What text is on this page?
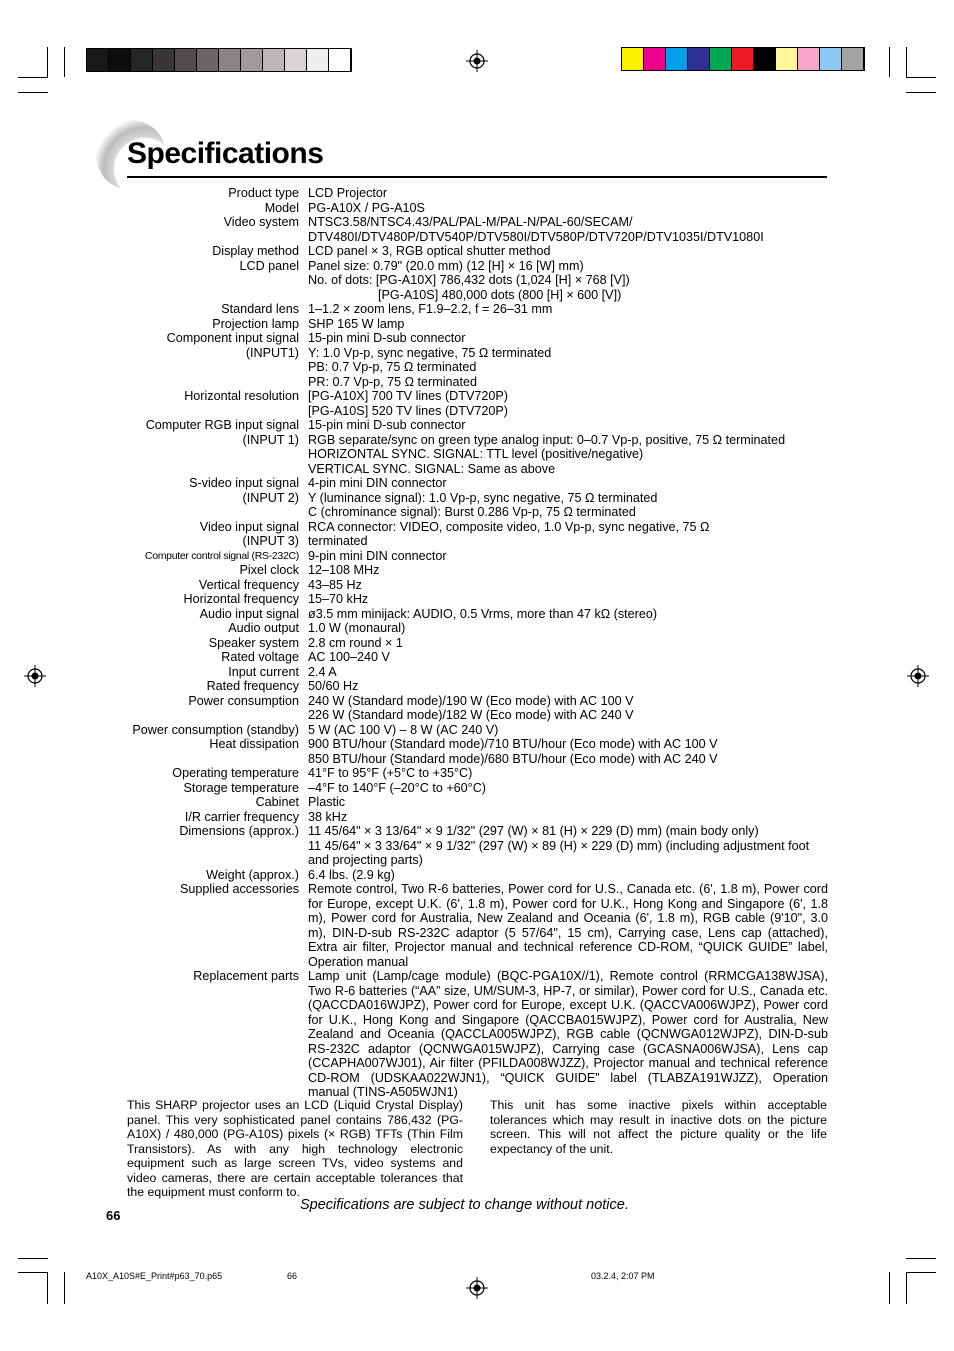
Specifications
Product type LCD Projector
Model PG-A10X / PG-A10S
Video system NTSC3.58/NTSC4.43/PAL/PAL-M/PAL-N/PAL-60/SECAM/
DTV480I/DTV480P/DTV540P/DTV580I/DTV580P/DTV720P/DTV1035I/DTV1080I
Display method LCD panel × 3, RGB optical shutter method
LCD panel Panel size: 0.79" (20.0 mm) (12 [H] × 16 [W] mm)
No. of dots: [PG-A10X] 786,432 dots (1,024 [H] × 768 [V])
[PG-A10S] 480,000 dots (800 [H] × 600 [V])
Standard lens 1–1.2 × zoom lens, F1.9–2.2, f = 26–31 mm
Projection lamp SHP 165 W lamp
Component input signal 15-pin mini D-sub connector
(INPUT1) Y: 1.0 Vp-p, sync negative, 75 Ω terminated
PB: 0.7 Vp-p, 75 Ω terminated
PR: 0.7 Vp-p, 75 Ω terminated
Horizontal resolution [PG-A10X] 700 TV lines (DTV720P)
[PG-A10S] 520 TV lines (DTV720P)
Computer RGB input signal 15-pin mini D-sub connector
(INPUT 1) RGB separate/sync on green type analog input: 0–0.7 Vp-p, positive, 75 Ω terminated
HORIZONTAL SYNC. SIGNAL: TTL level (positive/negative)
VERTICAL SYNC. SIGNAL: Same as above
S-video input signal 4-pin mini DIN connector
(INPUT 2) Y (luminance signal): 1.0 Vp-p, sync negative, 75 Ω terminated
C (chrominance signal): Burst 0.286 Vp-p, 75 Ω terminated
Video input signal RCA connector: VIDEO, composite video, 1.0 Vp-p, sync negative, 75 Ω
(INPUT 3) terminated
Computer control signal (RS-232C) 9-pin mini DIN connector
Pixel clock 12–108 MHz
Vertical frequency 43–85 Hz
Horizontal frequency 15–70 kHz
Audio input signal ø3.5 mm minijack: AUDIO, 0.5 Vrms, more than 47 kΩ (stereo)
Audio output 1.0 W (monaural)
Speaker system 2.8 cm round × 1
Rated voltage AC 100–240 V
Input current 2.4 A
Rated frequency 50/60 Hz
Power consumption 240 W (Standard mode)/190 W (Eco mode) with AC 100 V
226 W (Standard mode)/182 W (Eco mode) with AC 240 V
Power consumption (standby) 5 W (AC 100 V) – 8 W (AC 240 V)
Heat dissipation 900 BTU/hour (Standard mode)/710 BTU/hour (Eco mode) with AC 100 V
850 BTU/hour (Standard mode)/680 BTU/hour (Eco mode) with AC 240 V
Operating temperature 41°F to 95°F (+5°C to +35°C)
Storage temperature –4°F to 140°F (–20°C to +60°C)
Cabinet Plastic
I/R carrier frequency 38 kHz
Dimensions (approx.) 11 45/64" × 3 13/64" × 9 1/32" (297 (W) × 81 (H) × 229 (D) mm) (main body only)
11 45/64" × 3 33/64" × 9 1/32" (297 (W) × 89 (H) × 229 (D) mm) (including adjustment foot
and projecting parts)
Weight (approx.) 6.4 lbs. (2.9 kg)
Supplied accessories Remote control, Two R-6 batteries, Power cord for U.S., Canada etc. (6', 1.8 m), Power cord for Europe, except U.K. (6', 1.8 m), Power cord for U.K., Hong Kong and Singapore (6', 1.8 m), Power cord for Australia, New Zealand and Oceania (6', 1.8 m), RGB cable (9'10", 3.0 m), DIN-D-sub RS-232C adaptor (5 57/64", 15 cm), Carrying case, Lens cap (attached), Extra air filter, Projector manual and technical reference CD-ROM, “QUICK GUIDE” label, Operation manual
Replacement parts Lamp unit (Lamp/cage module) (BQC-PGA10X//1), Remote control (RRMCGA138WJSA), Two R-6 batteries (“AA” size, UM/SUM-3, HP-7, or similar), Power cord for U.S., Canada etc. (QACCDA016WJPZ), Power cord for Europe, except U.K. (QACCVA006WJPZ), Power cord for U.K., Hong Kong and Singapore (QACCBA015WJPZ), Power cord for Australia, New Zealand and Oceania (QACCLA005WJPZ), RGB cable (QCNWGA012WJPZ), DIN-D-sub RS-232C adaptor (QCNWGA015WJPZ), Carrying case (GCASNA006WJSA), Lens cap (CCAPHA007WJ01), Air filter (PFILDA008WJZZ), Projector manual and technical reference CD-ROM (UDSKAA022WJN1), “QUICK GUIDE” label (TLABZA191WJZZ), Operation manual (TINS-A505WJN1)
This SHARP projector uses an LCD (Liquid Crystal Display) panel. This very sophisticated panel contains 786,432 (PG-A10X) / 480,000 (PG-A10S) pixels (× RGB) TFTs (Thin Film Transistors). As with any high technology electronic equipment such as large screen TVs, video systems and video cameras, there are certain acceptable tolerances that the equipment must conform to.
This unit has some inactive pixels within acceptable tolerances which may result in inactive dots on the picture screen. This will not affect the picture quality or the life expectancy of the unit.
Specifications are subject to change without notice.
66
A10X_A10S#E_Print#p63_70.p65	66	03.2.4, 2:07 PM
